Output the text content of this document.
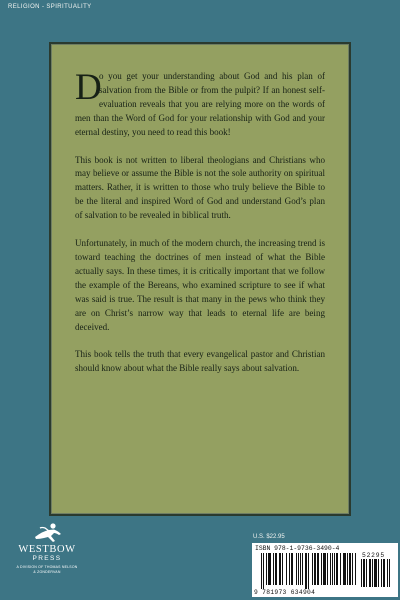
RELIGION - SPIRITUALITY

D
o you get your understanding about God and his plan of salvation from the Bible or from the pulpit? If an honest self-evaluation reveals that you are relying more on the words of men than the Word of God for your relationship with God and your eternal destiny, you need to read this book!

This book is not written to liberal theologians and Christians who may believe or assume the Bible is not the sole authority on spiritual matters. Rather, it is written to those who truly believe the Bible to be the literal and inspired Word of God and understand God’s plan of salvation to be revealed in biblical truth.

Unfortunately, in much of the modern church, the increasing trend is toward teaching the doctrines of men instead of what the Bible actually says. In these times, it is critically important that we follow the example of the Bereans, who examined scripture to see if what was said is true. The result is that many in the pews who think they are on Christ’s narrow way that leads to eternal life are being deceived.

This book tells the truth that every evangelical pastor and Christian should know about what the Bible really says about salvation.

WESTBOW
PRESS
A DIVISION OF THOMAS NELSON
& ZONDERVAN
U.S. $22.95
ISBN 978-1-9736-3490-4
52295
9 781973 634904
